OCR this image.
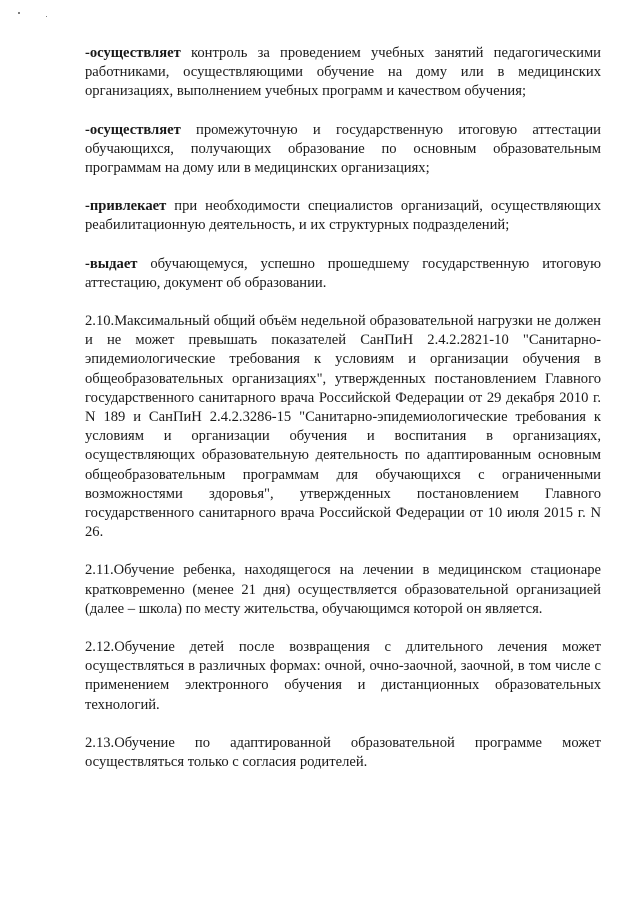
-осуществляет контроль за проведением учебных занятий педагогическими работниками, осуществляющими обучение на дому или в медицинских организациях, выполнением учебных программ и качеством обучения;

-осуществляет промежуточную и государственную итоговую аттестации обучающихся, получающих образование по основным образовательным программам на дому или в медицинских организациях;

-привлекает при необходимости специалистов организаций, осуществляющих реабилитационную деятельность, и их структурных подразделений;

-выдает обучающемуся, успешно прошедшему государственную итоговую аттестацию, документ об образовании.

2.10.Максимальный общий объём недельной образовательной нагрузки не должен и не может превышать показателей СанПиН 2.4.2.2821-10 "Санитарно-эпидемиологические требования к условиям и организации обучения в общеобразовательных организациях", утвержденных постановлением Главного государственного санитарного врача Российской Федерации от 29 декабря 2010 г. N 189 и СанПиН 2.4.2.3286-15 "Санитарно-эпидемиологические требования к условиям и организации обучения и воспитания в организациях, осуществляющих образовательную деятельность по адаптированным основным общеобразовательным программам для обучающихся с ограниченными возможностями здоровья", утвержденных постановлением Главного государственного санитарного врача Российской Федерации от 10 июля 2015 г. N 26.

2.11.Обучение ребенка, находящегося на лечении в медицинском стационаре кратковременно (менее 21 дня) осуществляется образовательной организацией (далее – школа) по месту жительства, обучающимся которой он является.

2.12.Обучение детей после возвращения с длительного лечения может осуществляться в различных формах: очной, очно-заочной, заочной, в том числе с применением электронного обучения и дистанционных образовательных технологий.

2.13.Обучение по адаптированной образовательной программе может осуществляться только с согласия родителей.
